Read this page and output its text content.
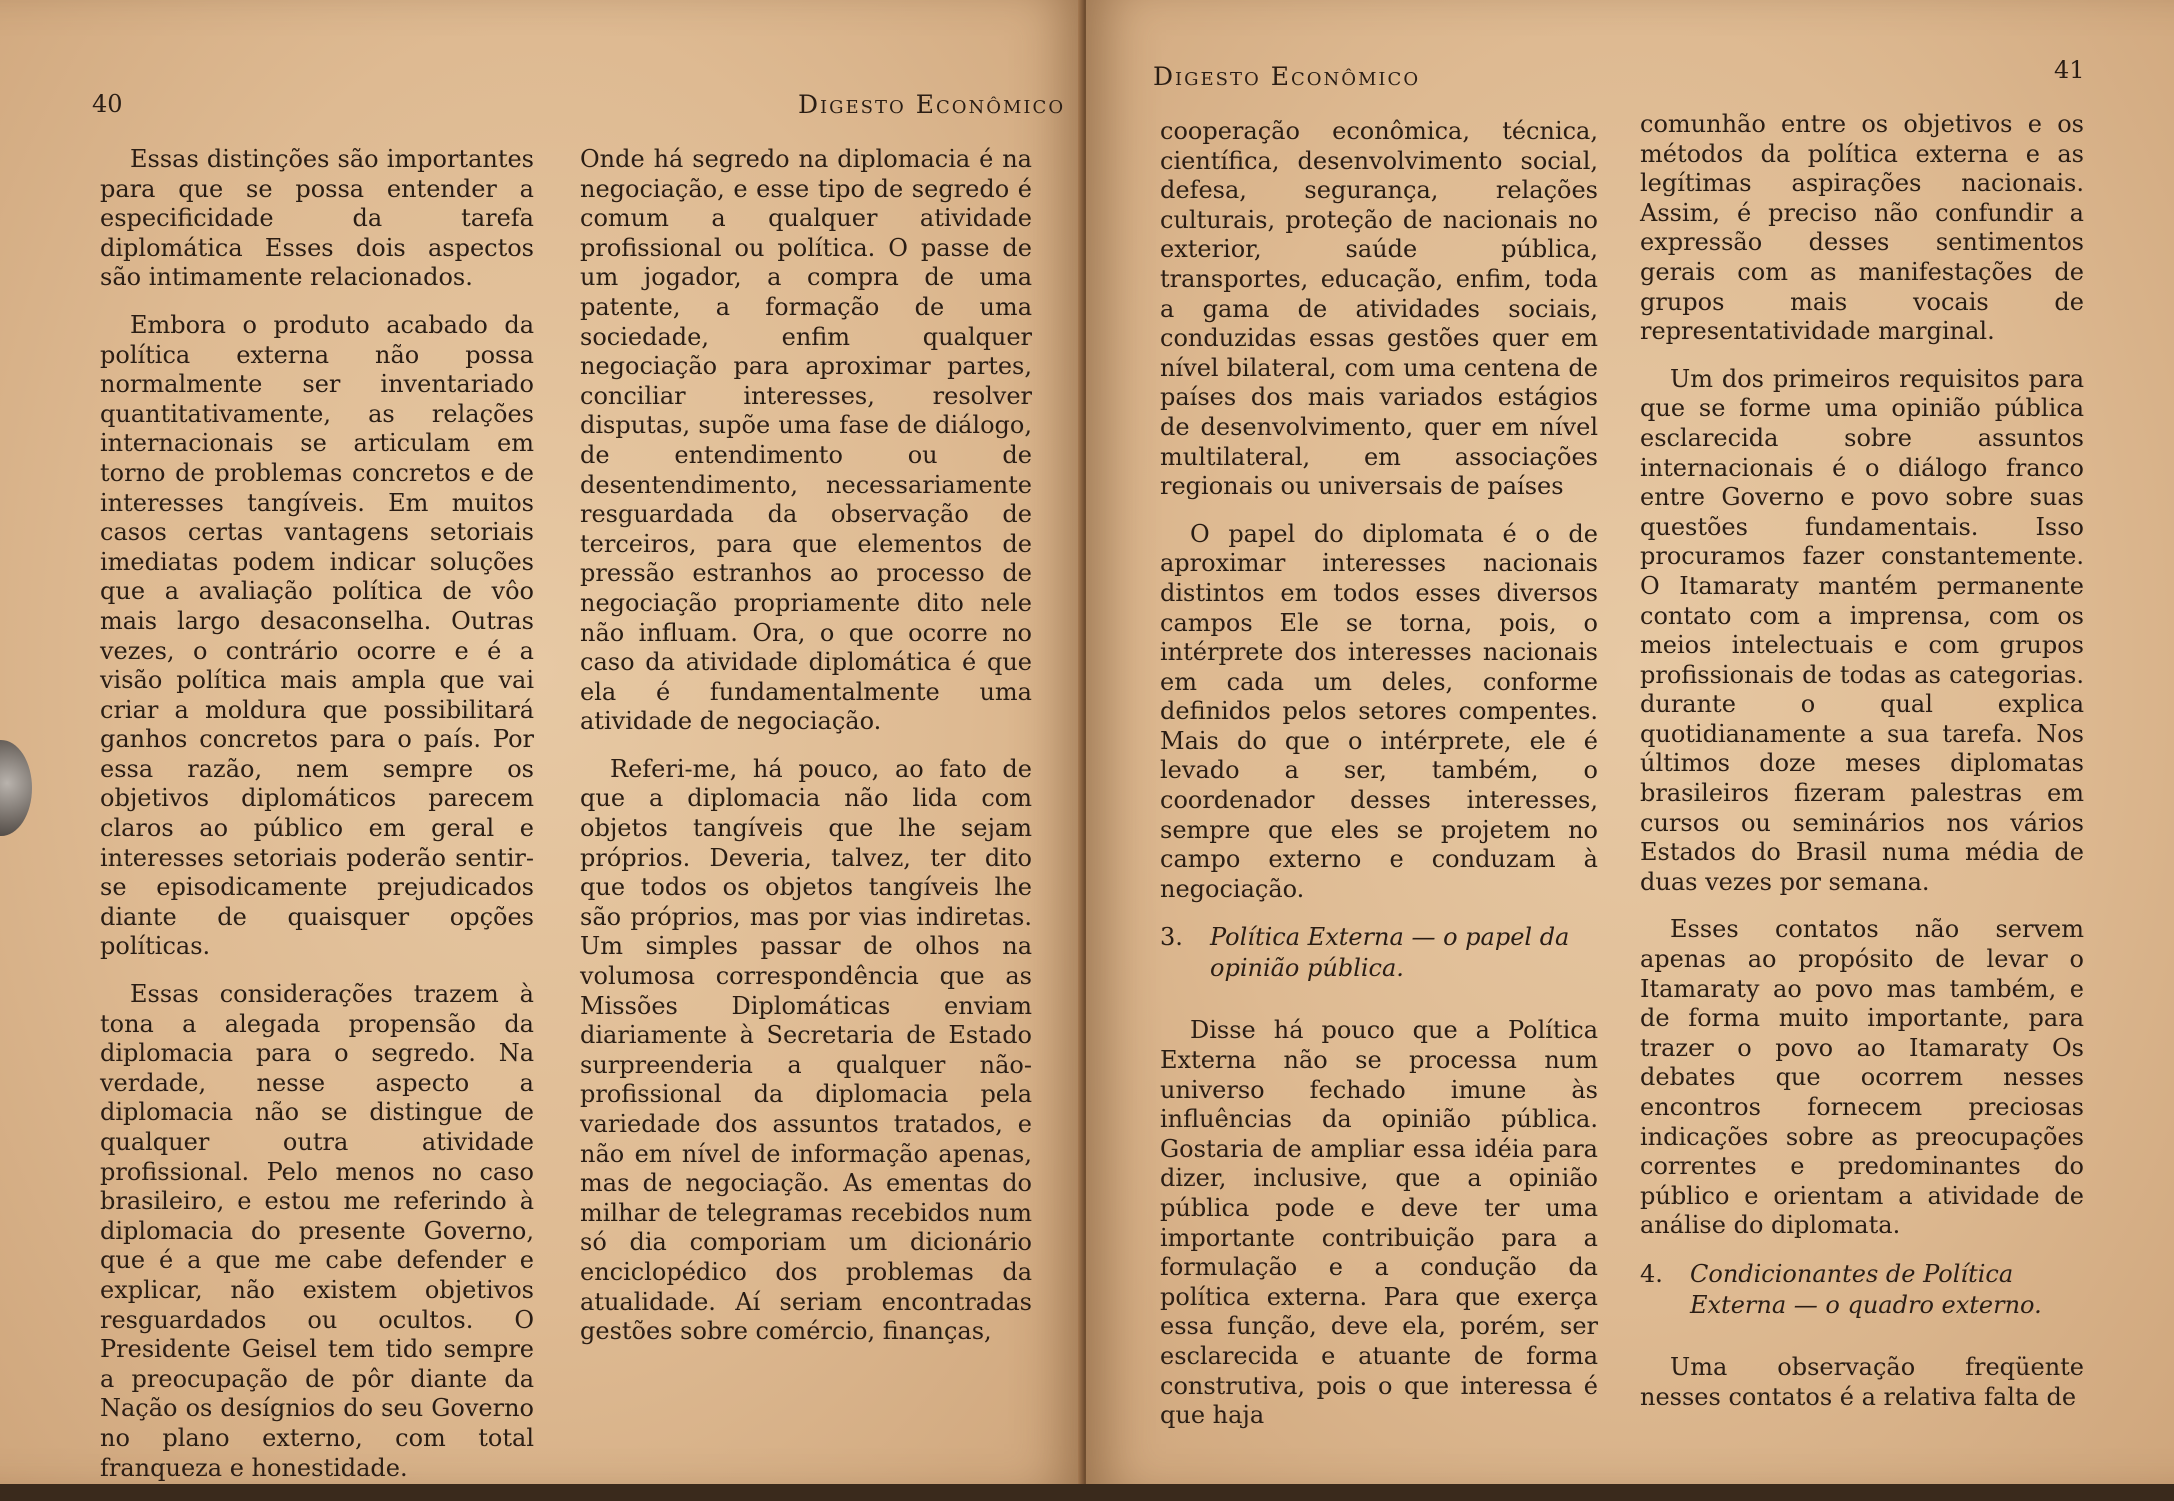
40	Digesto Econômico

Essas distinções são importantes para que se possa entender a especificidade da tarefa diplomática Esses dois aspectos são intimamente relacionados.

Embora o produto acabado da política externa não possa normalmente ser inventariado quantitativamente, as relações internacionais se articulam em torno de problemas concretos e de interesses tangíveis. Em muitos casos certas vantagens setoriais imediatas podem indicar soluções que a avaliação política de vôo mais largo desaconselha. Outras vezes, o contrário ocorre e é a visão política mais ampla que vai criar a moldura que possibilitará ganhos concretos para o país. Por essa razão, nem sempre os objetivos diplomáticos parecem claros ao público em geral e interesses setoriais poderão sentir-se episodicamente prejudicados diante de quaisquer opções políticas.

Essas considerações trazem à tona a alegada propensão da diplomacia para o segredo. Na verdade, nesse aspecto a diplomacia não se distingue de qualquer outra atividade profissional. Pelo menos no caso brasileiro, e estou me referindo à diplomacia do presente Governo, que é a que me cabe defender e explicar, não existem objetivos resguardados ou ocultos. O Presidente Geisel tem tido sempre a preocupação de pôr diante da Nação os desígnios do seu Governo no plano externo, com total franqueza e honestidade.

Onde há segredo na diplomacia é na negociação, e esse tipo de segredo é comum a qualquer atividade profissional ou política. O passe de um jogador, a compra de uma patente, a formação de uma sociedade, enfim qualquer negociação para aproximar partes, conciliar interesses, resolver disputas, supõe uma fase de diálogo, de entendimento ou de desentendimento, necessariamente resguardada da observação de terceiros, para que elementos de pressão estranhos ao processo de negociação propriamente dito nele não influam. Ora, o que ocorre no caso da atividade diplomática é que ela é fundamentalmente uma atividade de negociação.

Referi-me, há pouco, ao fato de que a diplomacia não lida com objetos tangíveis que lhe sejam próprios. Deveria, talvez, ter dito que todos os objetos tangíveis lhe são próprios, mas por vias indiretas. Um simples passar de olhos na volumosa correspondência que as Missões Diplomáticas enviam diariamente à Secretaria de Estado surpreenderia a qualquer não-profissional da diplomacia pela variedade dos assuntos tratados, e não em nível de informação apenas, mas de negociação. As ementas do milhar de telegramas recebidos num só dia comporiam um dicionário enciclopédico dos problemas da atualidade. Aí seriam encontradas gestões sobre comércio, finanças,

Digesto Econômico	41

cooperação econômica, técnica, científica, desenvolvimento social, defesa, segurança, relações culturais, proteção de nacionais no exterior, saúde pública, transportes, educação, enfim, toda a gama de atividades sociais, conduzidas essas gestões quer em nível bilateral, com uma centena de países dos mais variados estágios de desenvolvimento, quer em nível multilateral, em associações regionais ou universais de países

O papel do diplomata é o de aproximar interesses nacionais distintos em todos esses diversos campos Ele se torna, pois, o intérprete dos interesses nacionais em cada um deles, conforme definidos pelos setores compentes. Mais do que o intérprete, ele é levado a ser, também, o coordenador desses interesses, sempre que eles se projetem no campo externo e conduzam à negociação.

3. Política Externa — o papel da opinião pública.

Disse há pouco que a Política Externa não se processa num universo fechado imune às influências da opinião pública. Gostaria de ampliar essa idéia para dizer, inclusive, que a opinião pública pode e deve ter uma importante contribuição para a formulação e a condução da política externa. Para que exerça essa função, deve ela, porém, ser esclarecida e atuante de forma construtiva, pois o que interessa é que haja

comunhão entre os objetivos e os métodos da política externa e as legítimas aspirações nacionais. Assim, é preciso não confundir a expressão desses sentimentos gerais com as manifestações de grupos mais vocais de representatividade marginal.

Um dos primeiros requisitos para que se forme uma opinião pública esclarecida sobre assuntos internacionais é o diálogo franco entre Governo e povo sobre suas questões fundamentais. Isso procuramos fazer constantemente. O Itamaraty mantém permanente contato com a imprensa, com os meios intelectuais e com grupos profissionais de todas as categorias. durante o qual explica quotidianamente a sua tarefa. Nos últimos doze meses diplomatas brasileiros fizeram palestras em cursos ou seminários nos vários Estados do Brasil numa média de duas vezes por semana.

Esses contatos não servem apenas ao propósito de levar o Itamaraty ao povo mas também, e de forma muito importante, para trazer o povo ao Itamaraty Os debates que ocorrem nesses encontros fornecem preciosas indicações sobre as preocupações correntes e predominantes do público e orientam a atividade de análise do diplomata.

4. Condicionantes de Política Externa — o quadro externo.

Uma observação freqüente nesses contatos é a relativa falta de
